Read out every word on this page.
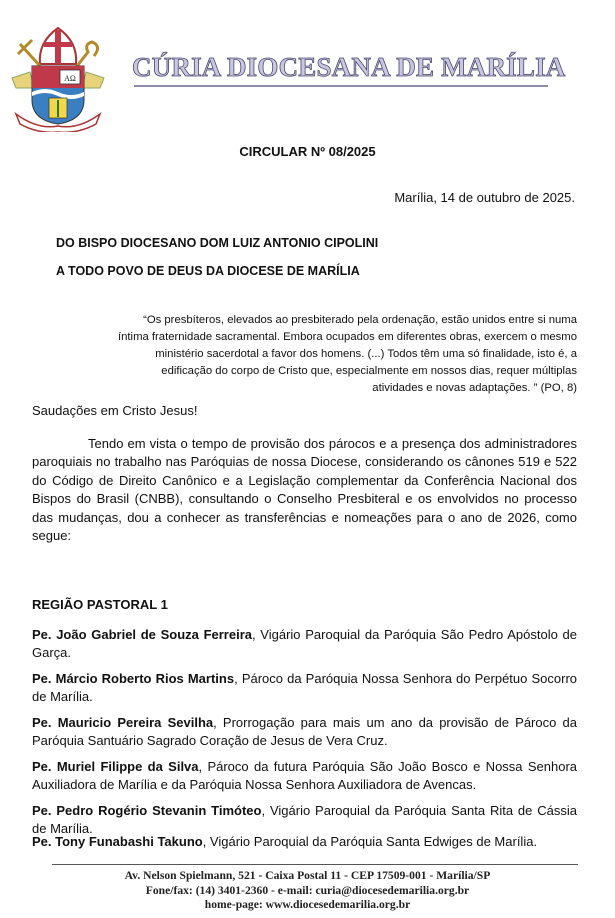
AΩ CÚRIA DIOCESANA DE MARÍLIA
CIRCULAR Nº 08/2025
Marília, 14 de outubro de 2025.
DO BISPO DIOCESANO DOM LUIZ ANTONIO CIPOLINI
A TODO POVO DE DEUS DA DIOCESE DE MARÍLIA
“Os presbíteros, elevados ao presbiterado pela ordenação, estão unidos entre si numa íntima fraternidade sacramental. Embora ocupados em diferentes obras, exercem o mesmo ministério sacerdotal a favor dos homens. (...) Todos têm uma só finalidade, isto é, a edificação do corpo de Cristo que, especialmente em nossos dias, requer múltiplas atividades e novas adaptações. ” (PO, 8)
Saudações em Cristo Jesus!
Tendo em vista o tempo de provisão dos párocos e a presença dos administradores paroquiais no trabalho nas Paróquias de nossa Diocese, considerando os cânones 519 e 522 do Código de Direito Canônico e a Legislação complementar da Conferência Nacional dos Bispos do Brasil (CNBB), consultando o Conselho Presbiteral e os envolvidos no processo das mudanças, dou a conhecer as transferências e nomeações para o ano de 2026, como segue:
REGIÃO PASTORAL 1
Pe. João Gabriel de Souza Ferreira, Vigário Paroquial da Paróquia São Pedro Apóstolo de Garça.
Pe. Márcio Roberto Rios Martins, Pároco da Paróquia Nossa Senhora do Perpétuo Socorro de Marília.
Pe. Mauricio Pereira Sevilha, Prorrogação para mais um ano da provisão de Pároco da Paróquia Santuário Sagrado Coração de Jesus de Vera Cruz.
Pe. Muriel Filippe da Silva, Pároco da futura Paróquia São João Bosco e Nossa Senhora Auxiliadora de Marília e da Paróquia Nossa Senhora Auxiliadora de Avencas.
Pe. Pedro Rogério Stevanin Timóteo, Vigário Paroquial da Paróquia Santa Rita de Cássia de Marília.
Pe. Tony Funabashi Takuno, Vigário Paroquial da Paróquia Santa Edwiges de Marília.
Av. Nelson Spielmann, 521 - Caixa Postal 11 - CEP 17509-001 - Marília/SP
Fone/fax: (14) 3401-2360 - e-mail: curia@diocesedemarilia.org.br
home-page: www.diocesedemarilia.org.br
